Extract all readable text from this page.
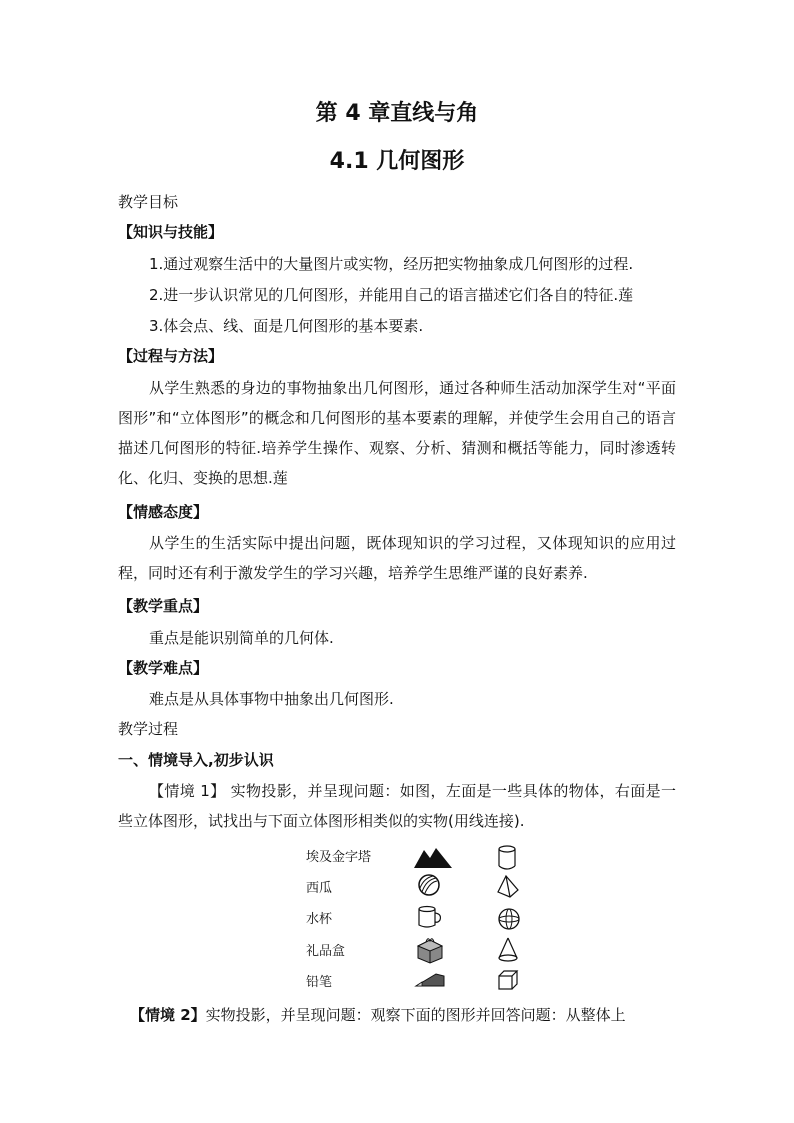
第 4 章直线与角
4.1 几何图形
教学目标
【知识与技能】
1.通过观察生活中的大量图片或实物，经历把实物抽象成几何图形的过程.
2.进一步认识常见的几何图形，并能用自己的语言描述它们各自的特征.莲
3.体会点、线、面是几何图形的基本要素.
【过程与方法】
从学生熟悉的身边的事物抽象出几何图形，通过各种师生活动加深学生对“平面图形”和“立体图形”的概念和几何图形的基本要素的理解，并使学生会用自己的语言描述几何图形的特征.培养学生操作、观察、分析、猜测和概括等能力，同时渗透转化、化归、变换的思想.莲
【情感态度】
从学生的生活实际中提出问题，既体现知识的学习过程，又体现知识的应用过程，同时还有利于激发学生的学习兴趣，培养学生思维严谨的良好素养.
【教学重点】
重点是能识别简单的几何体.
【教学难点】
难点是从具体事物中抽象出几何图形.
教学过程
一、情境导入,初步认识
【情境 1】 实物投影，并呈现问题：如图，左面是一些具体的物体，右面是一些立体图形，试找出与下面立体图形相类似的实物(用线连接).
埃及金字塔
西瓜
水杯
礼品盒
铅笔
【情境 2】实物投影，并呈现问题：观察下面的图形并回答问题：从整体上
